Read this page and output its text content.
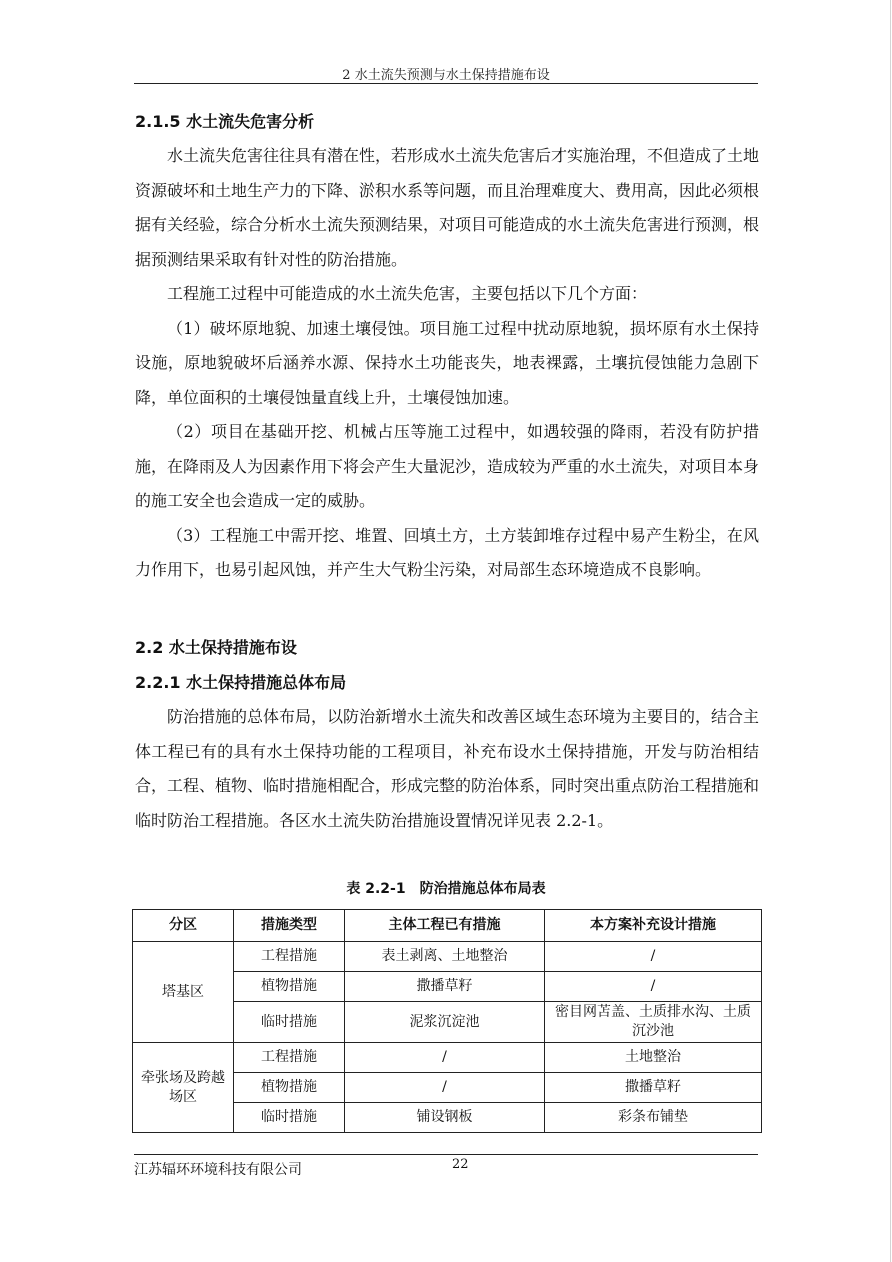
2 水土流失预测与水土保持措施布设
2.1.5 水土流失危害分析

水土流失危害往往具有潜在性，若形成水土流失危害后才实施治理，不但造成了土地资源破坏和土地生产力的下降、淤积水系等问题，而且治理难度大、费用高，因此必须根据有关经验，综合分析水土流失预测结果，对项目可能造成的水土流失危害进行预测，根据预测结果采取有针对性的防治措施。

工程施工过程中可能造成的水土流失危害，主要包括以下几个方面：

（1）破坏原地貌、加速土壤侵蚀。项目施工过程中扰动原地貌，损坏原有水土保持设施，原地貌破坏后涵养水源、保持水土功能丧失，地表裸露，土壤抗侵蚀能力急剧下降，单位面积的土壤侵蚀量直线上升，土壤侵蚀加速。

（2）项目在基础开挖、机械占压等施工过程中，如遇较强的降雨，若没有防护措施，在降雨及人为因素作用下将会产生大量泥沙，造成较为严重的水土流失，对项目本身的施工安全也会造成一定的威胁。

（3）工程施工中需开挖、堆置、回填土方，土方装卸堆存过程中易产生粉尘，在风力作用下，也易引起风蚀，并产生大气粉尘污染，对局部生态环境造成不良影响。

2.2 水土保持措施布设
2.2.1 水土保持措施总体布局

防治措施的总体布局，以防治新增水土流失和改善区域生态环境为主要目的，结合主体工程已有的具有水土保持功能的工程项目，补充布设水土保持措施，开发与防治相结合，工程、植物、临时措施相配合，形成完整的防治体系，同时突出重点防治工程措施和临时防治工程措施。各区水土流失防治措施设置情况详见表 2.2-1。

表 2.2-1　防治措施总体布局表
分区	措施类型	主体工程已有措施	本方案补充设计措施
塔基区	工程措施	表土剥离、土地整治	/
	植物措施	撒播草籽	/
	临时措施	泥浆沉淀池	密目网苫盖、土质排水沟、土质沉沙池
牵张场及跨越场区	工程措施	/	土地整治
	植物措施	/	撒播草籽
	临时措施	铺设钢板	彩条布铺垫
江苏辐环环境科技有限公司	22
